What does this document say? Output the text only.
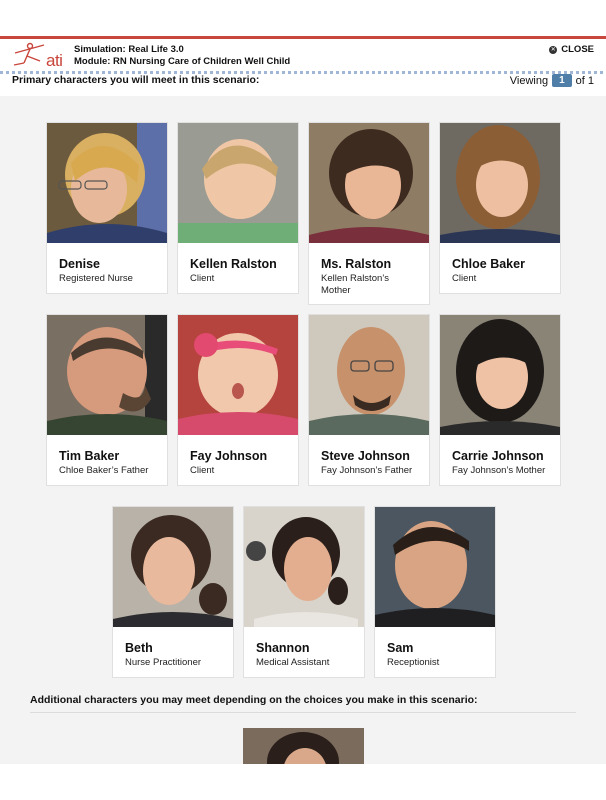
ati
Simulation: Real Life 3.0
Module: RN Nursing Care of Children Well Child
✕ CLOSE
Primary characters you will meet in this scenario:	Viewing	1	of 1
Denise
Registered Nurse
Kellen Ralston
Client
Ms. Ralston
Kellen Ralston’s Mother
Chloe Baker
Client
Tim Baker
Chloe Baker’s Father
Fay Johnson
Client
Steve Johnson
Fay Johnson’s Father
Carrie Johnson
Fay Johnson’s Mother
Beth
Nurse Practitioner
Shannon
Medical Assistant
Sam
Receptionist
Additional characters you may meet depending on the choices you make in this scenario:
